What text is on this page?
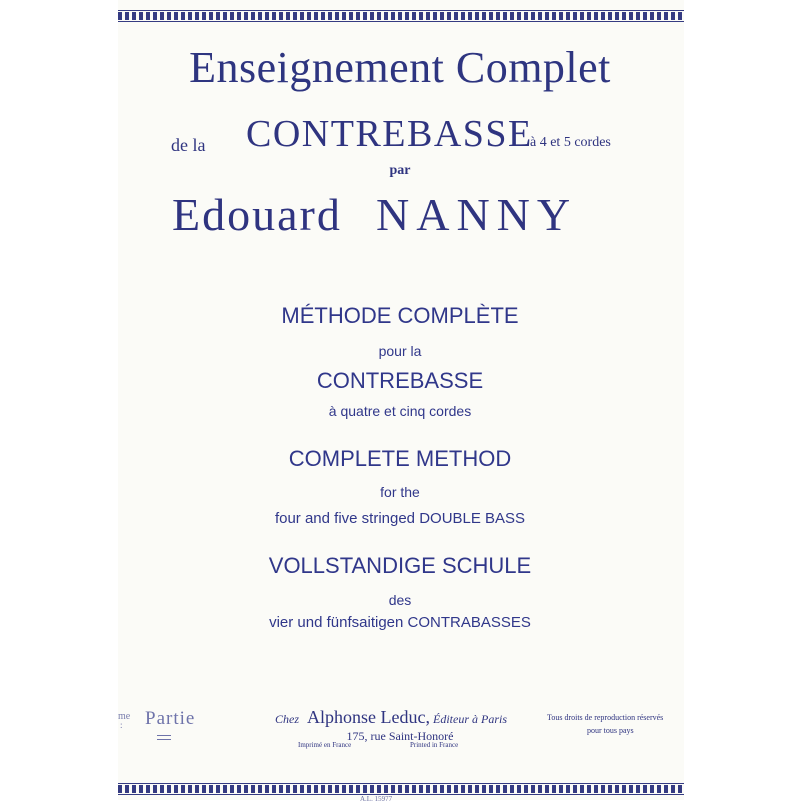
Enseignement Complet
de la CONTREBASSE
à 4 et 5 cordes
par
Edouard NANNY
MÉTHODE COMPLÈTE
pour la
CONTREBASSE
à quatre et cinq cordes
COMPLETE METHOD
for the
four and five stringed DOUBLE BASS
VOLLSTANDIGE SCHULE
des
vier und fünfsaitigen CONTRABASSES
me
: Partie	Chez Alphonse Leduc, Éditeur à Paris
175, rue Saint-Honoré
Imprimé en France	Printed in France
Tous droits de reproduction réservés
pour tous pays
A.L. 15977
